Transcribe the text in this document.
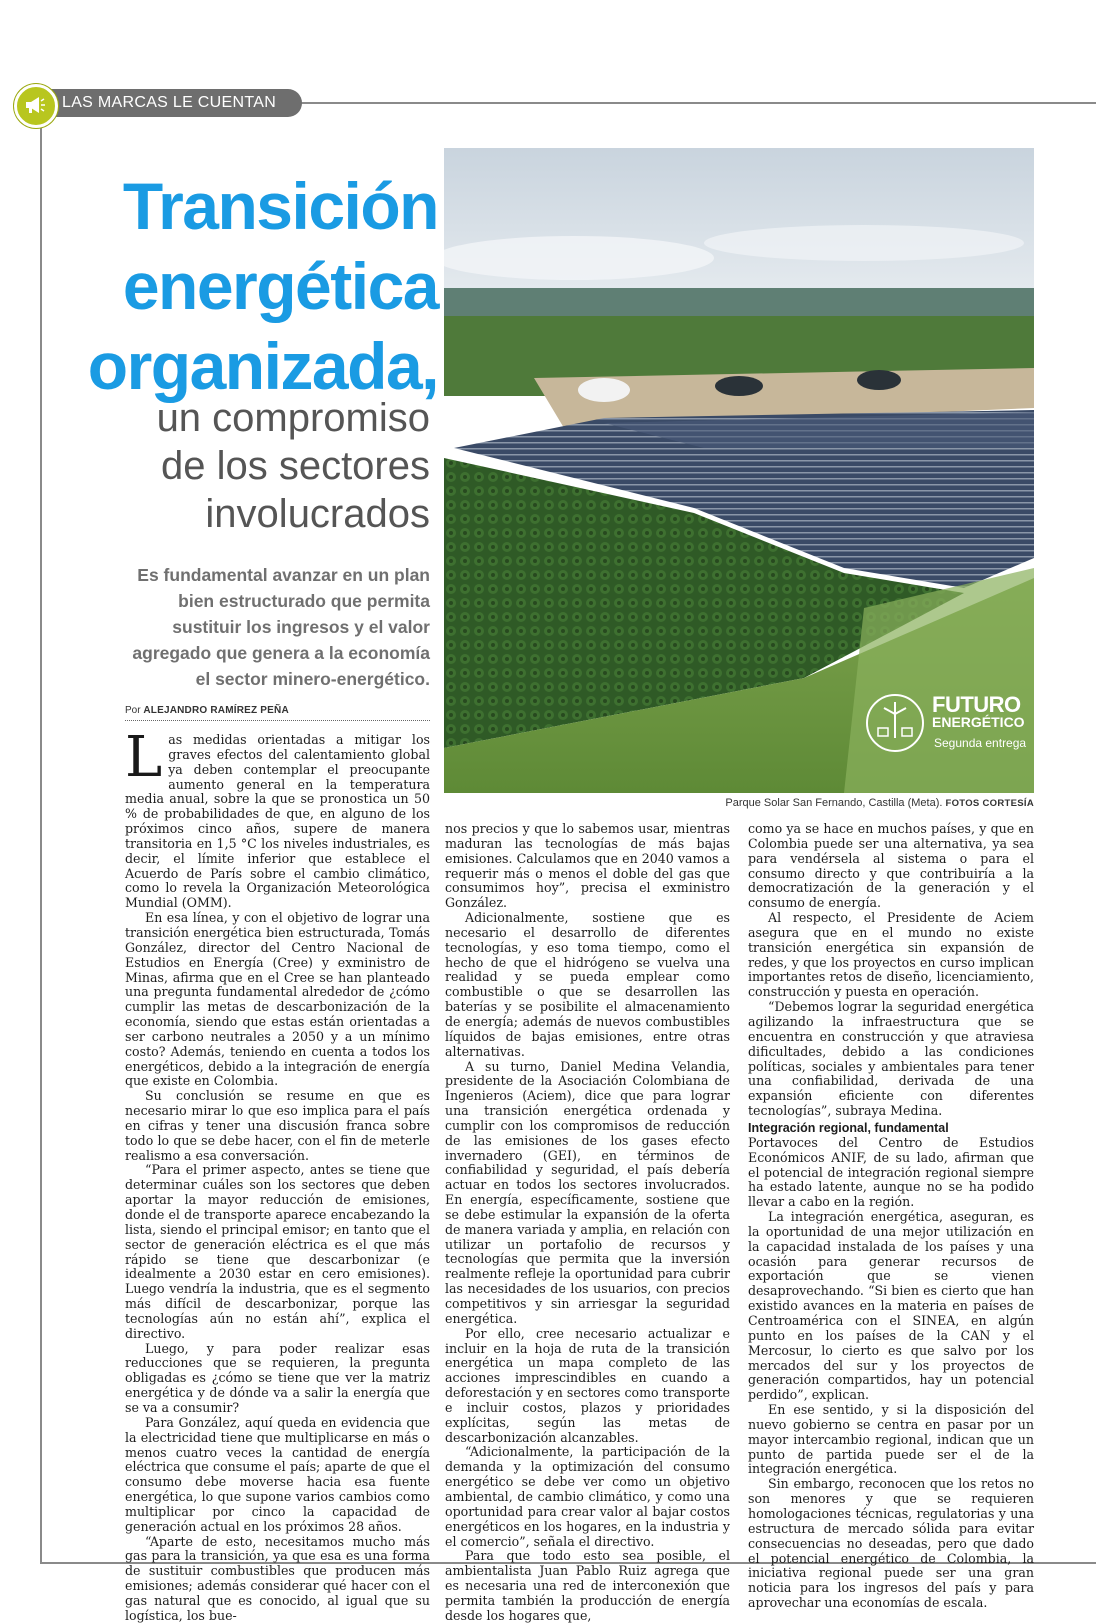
LAS MARCAS LE CUENTAN
Transición
energética
organizada,
un compromiso
de los sectores
involucrados
Es fundamental avanzar en un plan
bien estructurado que permita
sustituir los ingresos y el valor
agregado que genera a la economía
el sector minero-energético.
Por ALEJANDRO RAMÍREZ PEÑA	FUTURO
ENERGÉTICO
Segunda entrega
Parque Solar San Fernando, Castilla (Meta). FOTOS CORTESÍA
L as medidas orientadas a mitigar los graves efectos del calentamiento global ya deben contemplar el preocupante aumento general en la temperatura media anual, sobre la que se pronostica un 50 % de probabilidades de que, en alguno de los próximos cinco años, supere de manera transitoria en 1,5 °C los niveles industriales, es decir, el límite inferior que establece el Acuerdo de París sobre el cambio climático, como lo revela la Organización Meteorológica Mundial (OMM).

En esa línea, y con el objetivo de lograr una transición energética bien estructurada, Tomás González, director del Centro Nacional de Estudios en Energía (Cree) y exministro de Minas, afirma que en el Cree se han planteado una pregunta fundamental alrededor de ¿cómo cumplir las metas de descarbonización de la economía, siendo que estas están orientadas a ser carbono neutrales a 2050 y a un mínimo costo? Además, teniendo en cuenta a todos los energéticos, debido a la integración de energía que existe en Colombia.

Su conclusión se resume en que es necesario mirar lo que eso implica para el país en cifras y tener una discusión franca sobre todo lo que se debe hacer, con el fin de meterle realismo a esa conversación.

“Para el primer aspecto, antes se tiene que determinar cuáles son los sectores que deben aportar la mayor reducción de emisiones, donde el de transporte aparece encabezando la lista, siendo el principal emisor; en tanto que el sector de generación eléctrica es el que más rápido se tiene que descarbonizar (e idealmente a 2030 estar en cero emisiones). Luego vendría la industria, que es el segmento más difícil de descarbonizar, porque las tecnologías aún no están ahí”, explica el directivo.

Luego, y para poder realizar esas reducciones que se requieren, la pregunta obligadas es ¿cómo se tiene que ver la matriz energética y de dónde va a salir la energía que se va a consumir?

Para González, aquí queda en evidencia que la electricidad tiene que multiplicarse en más o menos cuatro veces la cantidad de energía eléctrica que consume el país; aparte de que el consumo debe moverse hacia esa fuente energética, lo que supone varios cambios como multiplicar por cinco la capacidad de generación actual en los próximos 28 años.

“Aparte de esto, necesitamos mucho más gas para la transición, ya que esa es una forma de sustituir combustibles que producen más emisiones; además considerar qué hacer con el gas natural que es conocido, al igual que su logística, los bue-

nos precios y que lo sabemos usar, mientras maduran las tecnologías de más bajas emisiones. Calculamos que en 2040 vamos a requerir más o menos el doble del gas que consumimos hoy”, precisa el exministro González.

Adicionalmente, sostiene que es necesario el desarrollo de diferentes tecnologías, y eso toma tiempo, como el hecho de que el hidrógeno se vuelva una realidad y se pueda emplear como combustible o que se desarrollen las baterías y se posibilite el almacenamiento de energía; además de nuevos combustibles líquidos de bajas emisiones, entre otras alternativas.

A su turno, Daniel Medina Velandia, presidente de la Asociación Colombiana de Ingenieros (Aciem), dice que para lograr una transición energética ordenada y cumplir con los compromisos de reducción de las emisiones de los gases efecto invernadero (GEI), en términos de confiabilidad y seguridad, el país debería actuar en todos los sectores involucrados. En energía, específicamente, sostiene que se debe estimular la expansión de la oferta de manera variada y amplia, en relación con utilizar un portafolio de recursos y tecnologías que permita que la inversión realmente refleje la oportunidad para cubrir las necesidades de los usuarios, con precios competitivos y sin arriesgar la seguridad energética.

Por ello, cree necesario actualizar e incluir en la hoja de ruta de la transición energética un mapa completo de las acciones imprescindibles en cuando a deforestación y en sectores como transporte e incluir costos, plazos y prioridades explícitas, según las metas de descarbonización alcanzables.

“Adicionalmente, la participación de la demanda y la optimización del consumo energético se debe ver como un objetivo ambiental, de cambio climático, y como una oportunidad para crear valor al bajar costos energéticos en los hogares, en la industria y el comercio”, señala el directivo.

Para que todo esto sea posible, el ambientalista Juan Pablo Ruiz agrega que es necesaria una red de interconexión que permita también la producción de energía desde los hogares que,

como ya se hace en muchos países, y que en Colombia puede ser una alternativa, ya sea para vendérsela al sistema o para el consumo directo y que contribuiría a la democratización de la generación y el consumo de energía.

Al respecto, el Presidente de Aciem asegura que en el mundo no existe transición energética sin expansión de redes, y que los proyectos en curso implican importantes retos de diseño, licenciamiento, construcción y puesta en operación.

“Debemos lograr la seguridad energética agilizando la infraestructura que se encuentra en construcción y que atraviesa dificultades, debido a las condiciones políticas, sociales y ambientales para tener una confiabilidad, derivada de una expansión eficiente con diferentes tecnologías”, subraya Medina.

Integración regional, fundamental

Portavoces del Centro de Estudios Económicos ANIF, de su lado, afirman que el potencial de integración regional siempre ha estado latente, aunque no se ha podido llevar a cabo en la región.

La integración energética, aseguran, es la oportunidad de una mejor utilización en la capacidad instalada de los países y una ocasión para generar recursos de exportación que se vienen desaprovechando. “Si bien es cierto que han existido avances en la materia en países de Centroamérica con el SINEA, en algún punto en los países de la CAN y el Mercosur, lo cierto es que salvo por los mercados del sur y los proyectos de generación compartidos, hay un potencial perdido”, explican.

En ese sentido, y si la disposición del nuevo gobierno se centra en pasar por un mayor intercambio regional, indican que un punto de partida puede ser el de la integración energética.

Sin embargo, reconocen que los retos no son menores y que se requieren homologaciones técnicas, regulatorias y una estructura de mercado sólida para evitar consecuencias no deseadas, pero que dado el potencial energético de Colombia, la iniciativa regional puede ser una gran noticia para los ingresos del país y para aprovechar una economías de escala.
